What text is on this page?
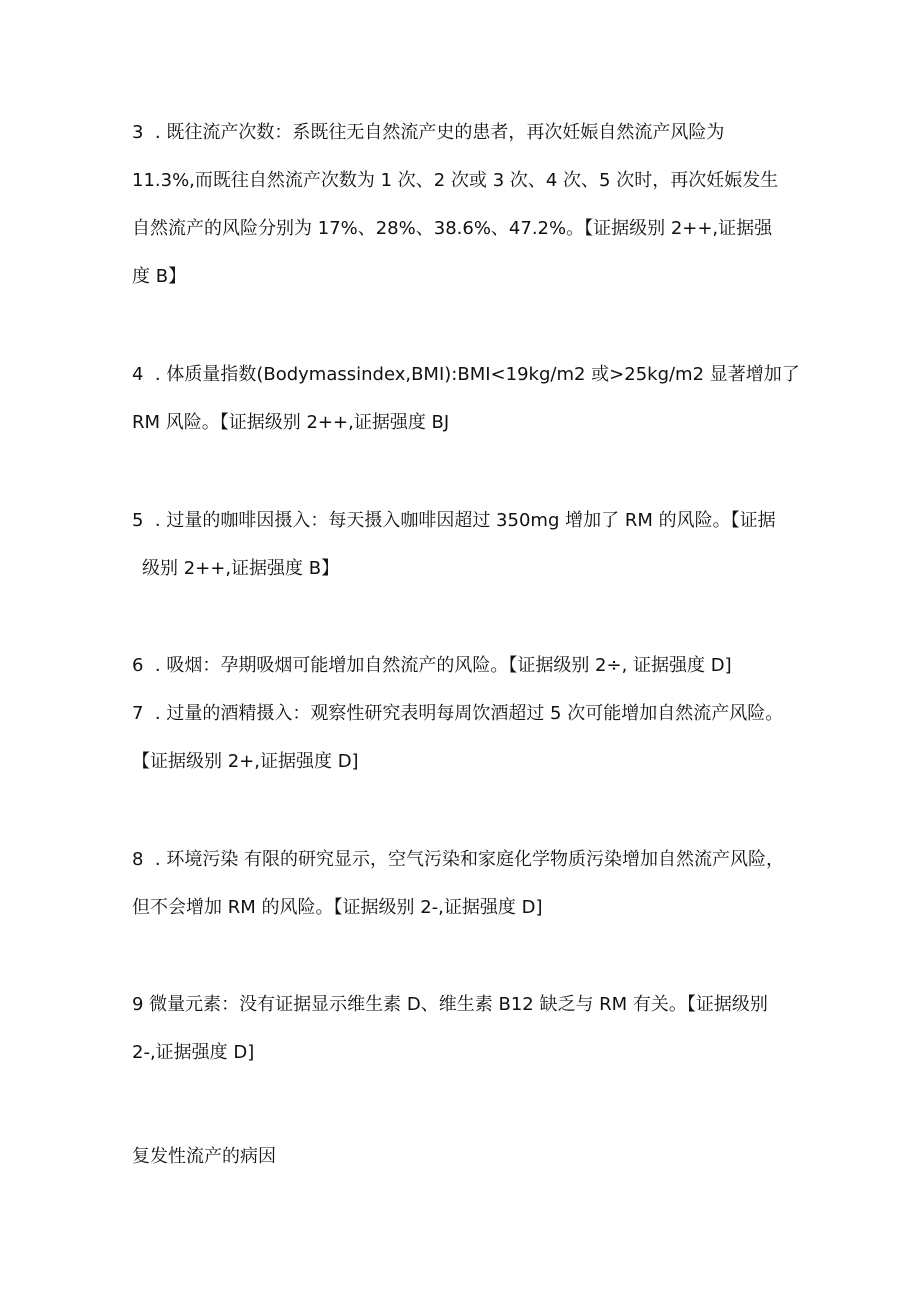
3  . 既往流产次数：系既往无自然流产史的患者，再次妊娠自然流产风险为
11.3%,而既往自然流产次数为 1 次、2 次或 3 次、4 次、5 次时，再次妊娠发生
自然流产的风险分别为 17%、28%、38.6%、47.2%。【证据级别 2++,证据强
度 B】
4  . 体质量指数(Bodymassindex,BMI):BMI<19kg∕m2 或>25kg∕m2 显著增加了
RM 风险。【证据级别 2++,证据强度 BJ
5  . 过量的咖啡因摄入：每天摄入咖啡因超过 350mg 增加了 RM 的风险。【证据
级别 2++,证据强度 B】
6  . 吸烟：孕期吸烟可能增加自然流产的风险。【证据级别 2÷, 证据强度 D]
7  . 过量的酒精摄入：观察性研究表明每周饮酒超过 5 次可能增加自然流产风险。
【证据级别 2+,证据强度 D]
8  . 环境污染 有限的研究显示，空气污染和家庭化学物质污染增加自然流产风险，
但不会增加 RM 的风险。【证据级别 2-,证据强度 D]
9 微量元素：没有证据显示维生素 D、维生素 B12 缺乏与 RM 有关。【证据级别
2-,证据强度 D]
复发性流产的病因
